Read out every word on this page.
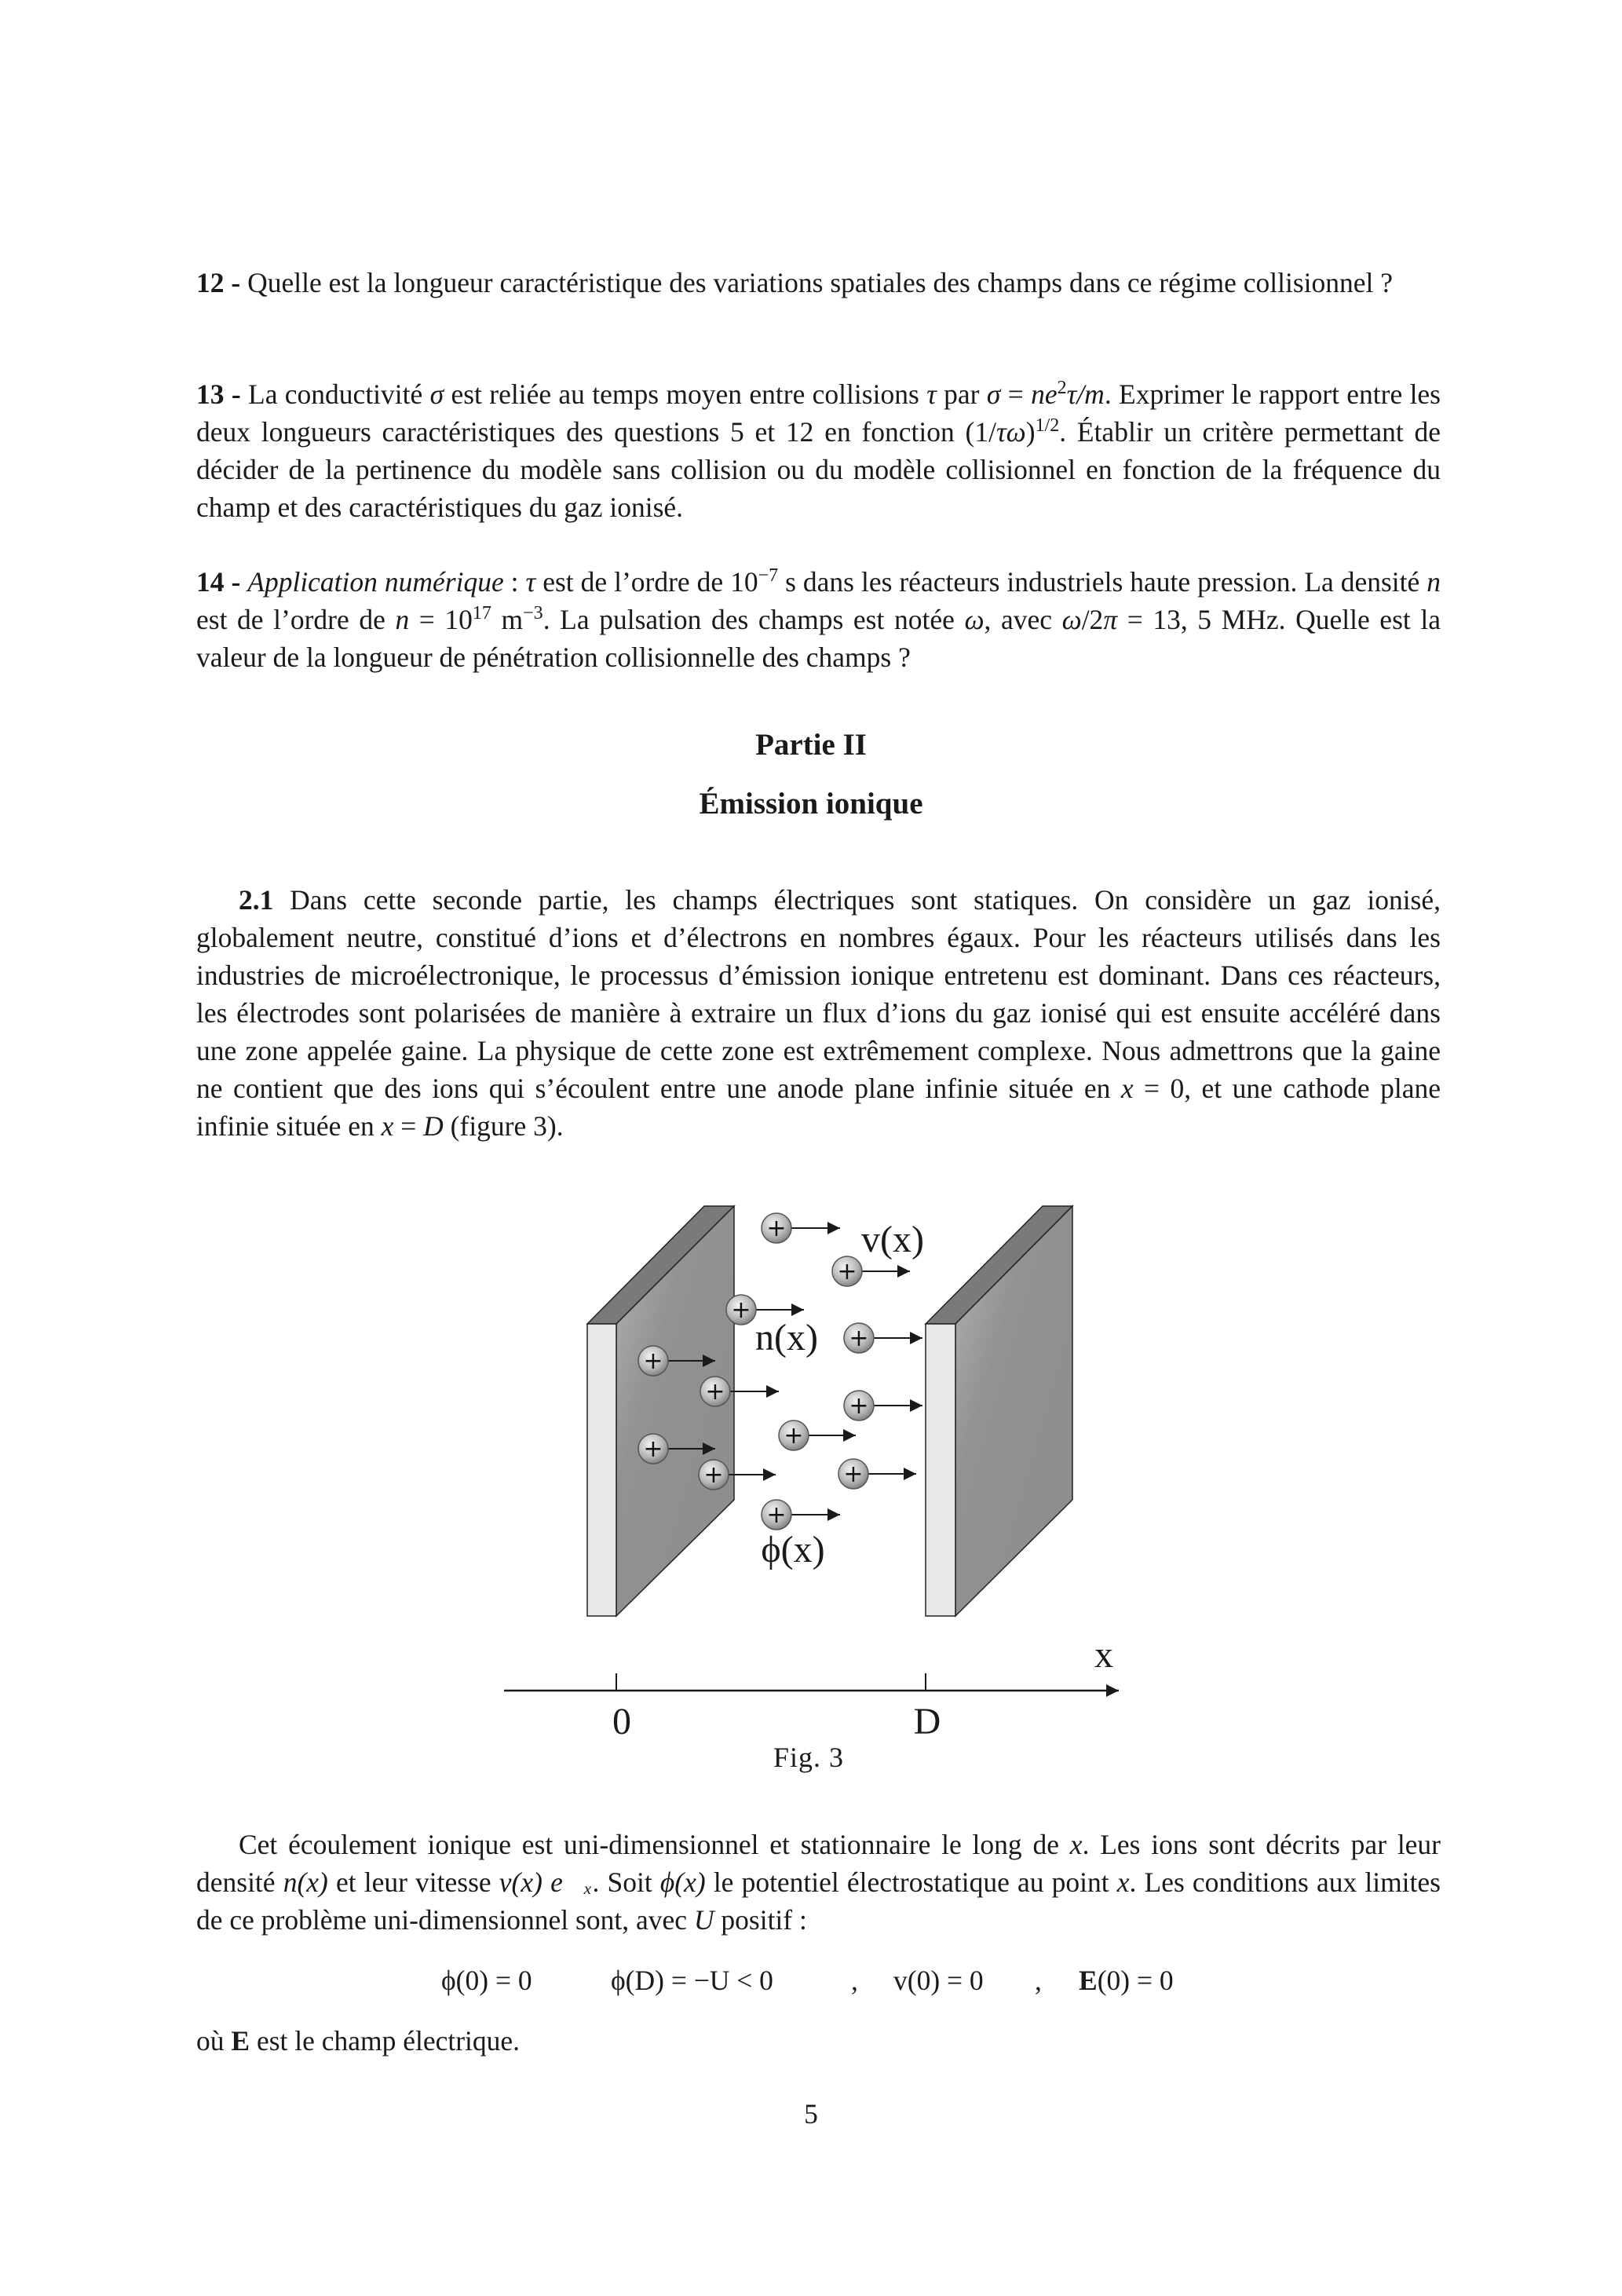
12 - Quelle est la longueur caractéristique des variations spatiales des champs dans ce régime collisionnel ?
13 - La conductivité σ est reliée au temps moyen entre collisions τ par $\sigma = ne^2\tau/m$. Exprimer le rapport entre les deux longueurs caractéristiques des questions 5 et 12 en fonction $(1/\tau\omega)^{1/2}$. Établir un critère permettant de décider de la pertinence du modèle sans collision ou du modèle collisionnel en fonction de la fréquence du champ et des caractéristiques du gaz ionisé.
14 - Application numérique : τ est de l’ordre de $10^{-7}$ s dans les réacteurs industriels haute pression. La densité n est de l’ordre de $n = 10^{17}$ $m^{-3}$. La pulsation des champs est notée ω, avec ω/2π = 13, 5 MHz. Quelle est la valeur de la longueur de pénétration collisionnelle des champs ?
Partie II
Émission ionique
2.1 Dans cette seconde partie, les champs électriques sont statiques. On considère un gaz ionisé, globalement neutre, constitué d’ions et d’électrons en nombres égaux. Pour les réacteurs utilisés dans les industries de microélectronique, le processus d’émission ionique entretenu est dominant. Dans ces réacteurs, les électrodes sont polarisées de manière à extraire un flux d’ions du gaz ionisé qui est ensuite accéléré dans une zone appelée gaine. La physique de cette zone est extrêmement complexe. Nous admettrons que la gaine ne contient que des ions qui s’écoulent entre une anode plane infinie située en x = 0, et une cathode plane infinie située en x = D (figure 3).
+
+
+
+
+
+
+
+
+
+	+
+
v(x)
n(x)
ϕ(x)
0	D
x
Fig. 3
Cet écoulement ionique est uni-dimensionnel et stationnaire le long de x. Les ions sont décrits par leur densité n(x) et leur vitesse v(x) e⃗ₓ. Soit ϕ(x) le potentiel électrostatique au point x. Les conditions aux limites de ce problème uni-dimensionnel sont, avec U positif :
ϕ(0) = 0	ϕ(D) = −U < 0	, v(0) = 0 , E(0) = 0
où E est le champ électrique.
5
